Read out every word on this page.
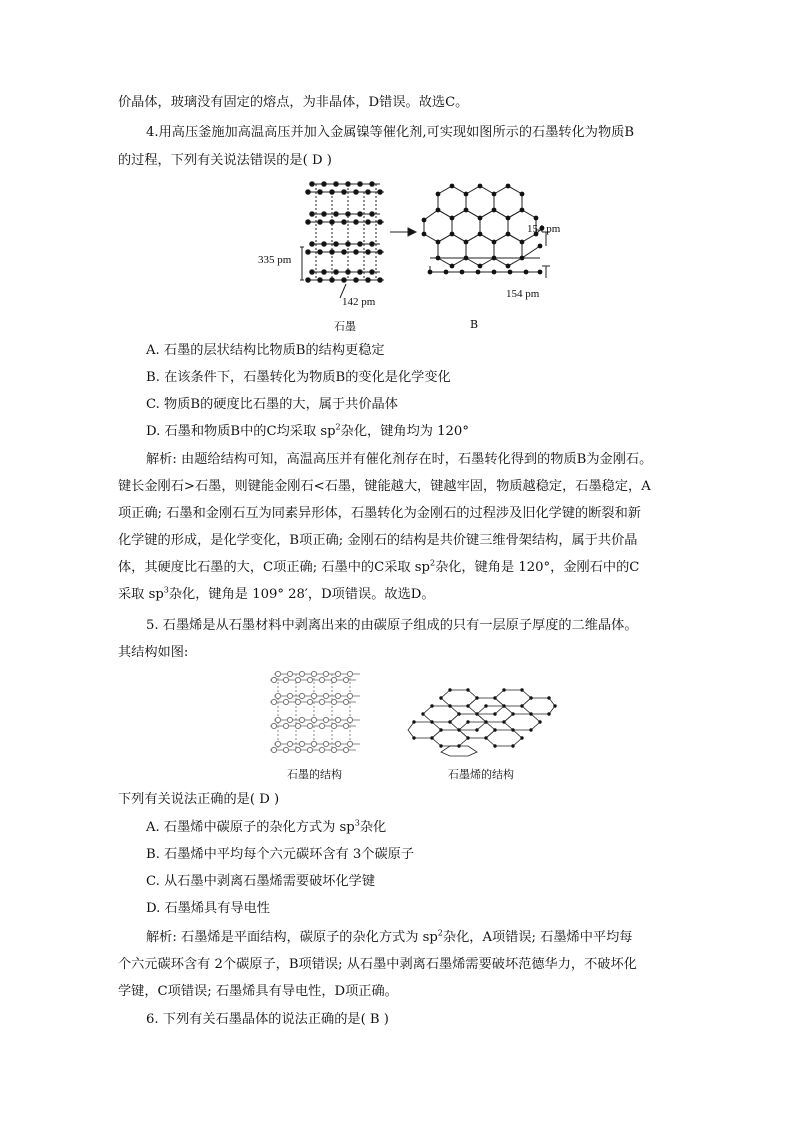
价晶体，玻璃没有固定的熔点，为非晶体，D错误。故选C。
4.用高压釜施加高温高压并加入金属镍等催化剂,可实现如图所示的石墨转化为物质B
的过程，下列有关说法错误的是( D )
335 pm
142 pm
154 pm
154 pm
石墨	B
A. 石墨的层状结构比物质B的结构更稳定
B. 在该条件下，石墨转化为物质B的变化是化学变化
C. 物质B的硬度比石墨的大，属于共价晶体
D. 石墨和物质B中的C均采取 $sp^2$杂化，键角均为 120°
解析: 由题给结构可知，高温高压并有催化剂存在时，石墨转化得到的物质B为金刚石。
键长金刚石>石墨，则键能金刚石<石墨，键能越大，键越牢固，物质越稳定，石墨稳定，A
项正确; 石墨和金刚石互为同素异形体，石墨转化为金刚石的过程涉及旧化学键的断裂和新
化学键的形成，是化学变化，B项正确; 金刚石的结构是共价键三维骨架结构，属于共价晶
体，其硬度比石墨的大，C项正确; 石墨中的C采取 $sp^2$杂化，键角是 120°，金刚石中的C
采取 $sp^3$杂化，键角是 109° 28′，D项错误。故选D。
5. 石墨烯是从石墨材料中剥离出来的由碳原子组成的只有一层原子厚度的二维晶体。
其结构如图:
石墨的结构	石墨烯的结构
下列有关说法正确的是( D )
A. 石墨烯中碳原子的杂化方式为 $sp^3$杂化
B. 石墨烯中平均每个六元碳环含有 3个碳原子
C. 从石墨中剥离石墨烯需要破坏化学键
D. 石墨烯具有导电性
解析: 石墨烯是平面结构，碳原子的杂化方式为 $sp^2$杂化，A项错误; 石墨烯中平均每
个六元碳环含有 2个碳原子，B项错误; 从石墨中剥离石墨烯需要破坏范德华力，不破坏化
学键，C项错误; 石墨烯具有导电性，D项正确。
6. 下列有关石墨晶体的说法正确的是( B )
